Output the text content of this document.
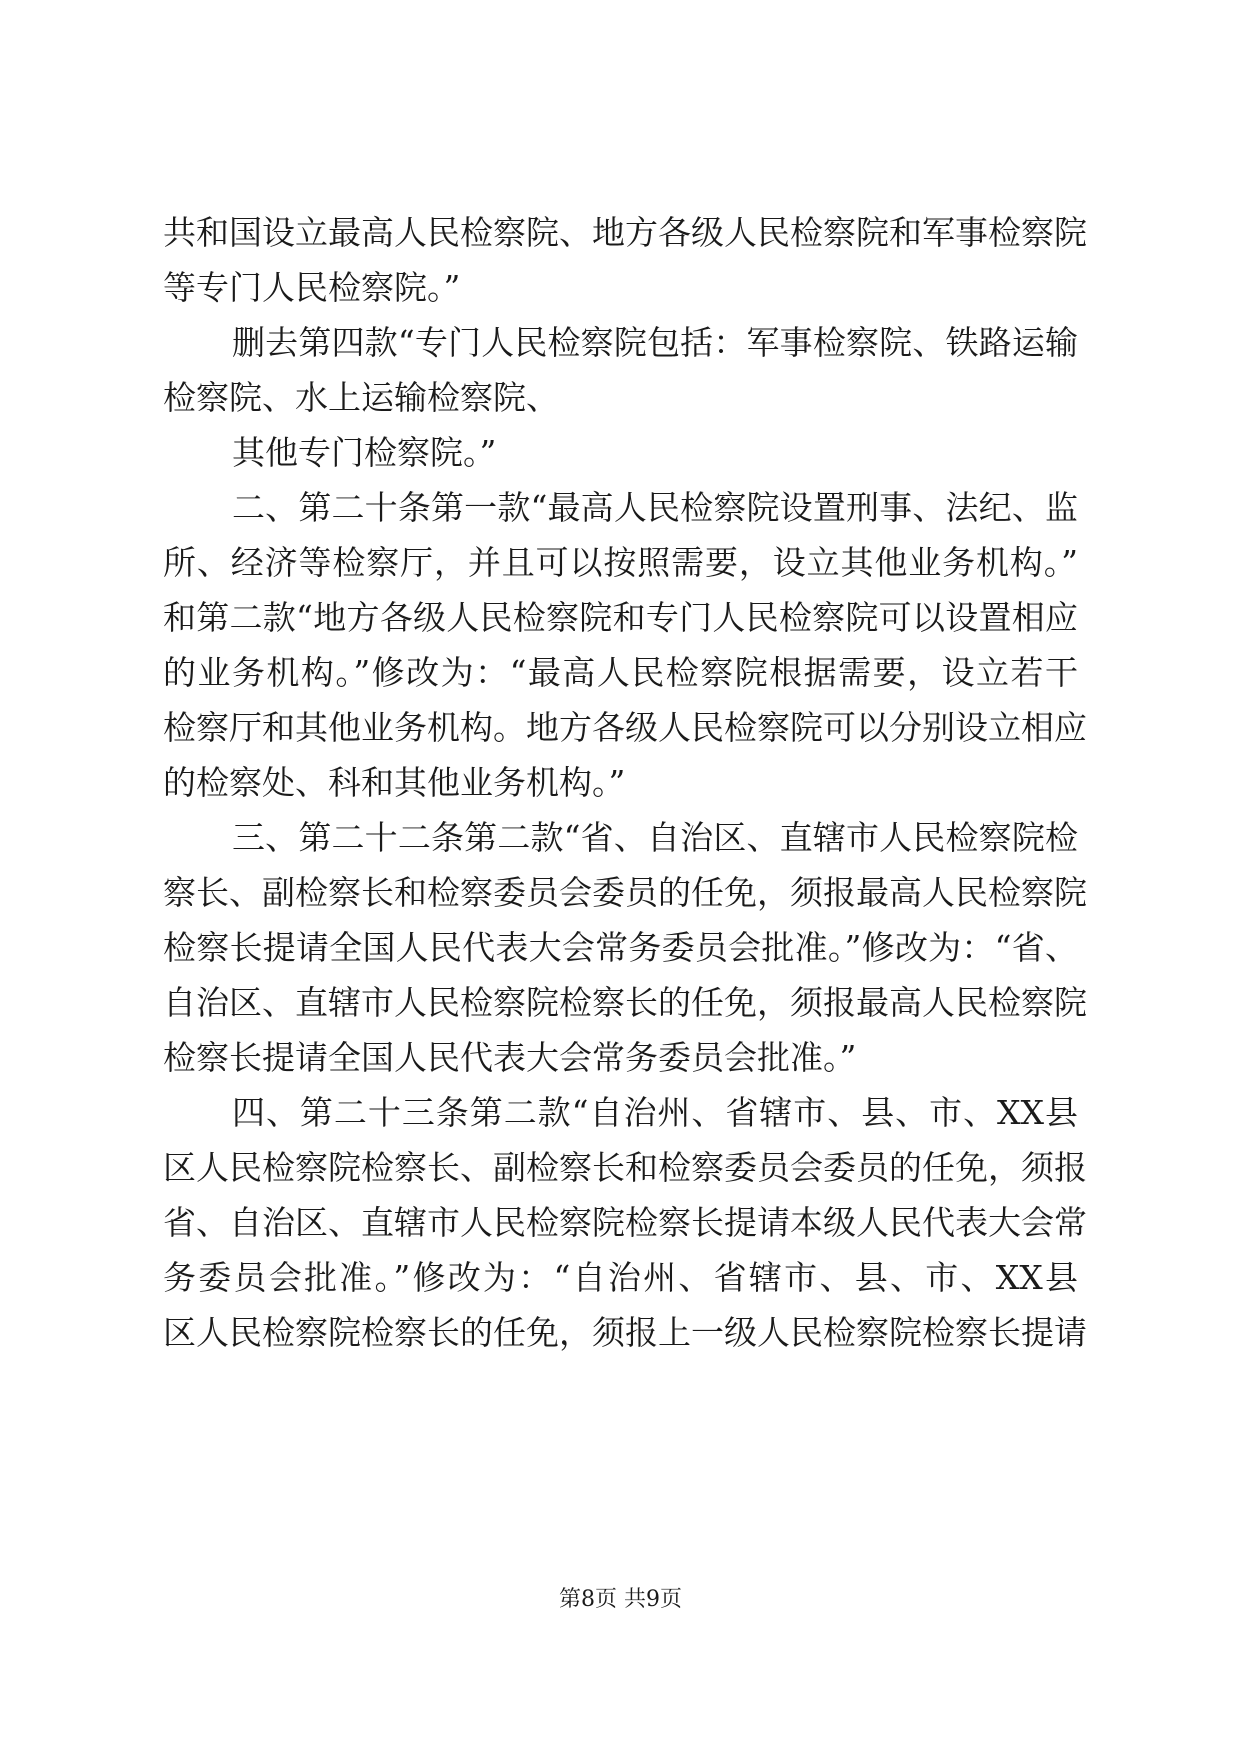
共和国设立最高人民检察院、地方各级人民检察院和军事检察院
等专门人民检察院。”
删去第四款“专门人民检察院包括：军事检察院、铁路运输
检察院、水上运输检察院、
其他专门检察院。”
二、第二十条第一款“最高人民检察院设置刑事、法纪、监
所、经济等检察厅，并且可以按照需要，设立其他业务机构。”
和第二款“地方各级人民检察院和专门人民检察院可以设置相应
的业务机构。”修改为：“最高人民检察院根据需要，设立若干
检察厅和其他业务机构。地方各级人民检察院可以分别设立相应
的检察处、科和其他业务机构。”
三、第二十二条第二款“省、自治区、直辖市人民检察院检
察长、副检察长和检察委员会委员的任免，须报最高人民检察院
检察长提请全国人民代表大会常务委员会批准。”修改为：“省、
自治区、直辖市人民检察院检察长的任免，须报最高人民检察院
检察长提请全国人民代表大会常务委员会批准。”
四、第二十三条第二款“自治州、省辖市、县、市、XX县
区人民检察院检察长、副检察长和检察委员会委员的任免，须报
省、自治区、直辖市人民检察院检察长提请本级人民代表大会常
务委员会批准。”修改为：“自治州、省辖市、县、市、XX县
区人民检察院检察长的任免，须报上一级人民检察院检察长提请
第8页 共9页
